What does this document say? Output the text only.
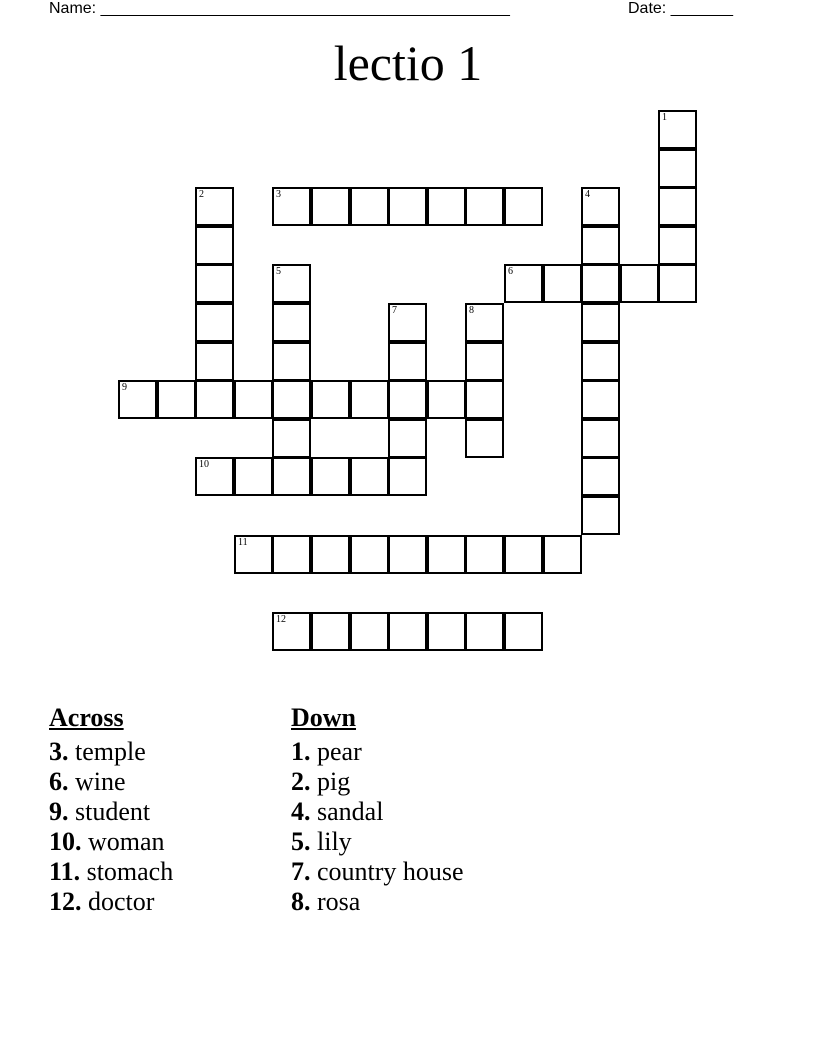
Name: ______________________________________________	Date: _______
lectio 1
1
2	3	4
5	6
7	8
9
10
11
12
Across
3. temple
6. wine
9. student
10. woman
11. stomach
12. doctor
Down
1. pear
2. pig
4. sandal
5. lily
7. country house
8. rosa
